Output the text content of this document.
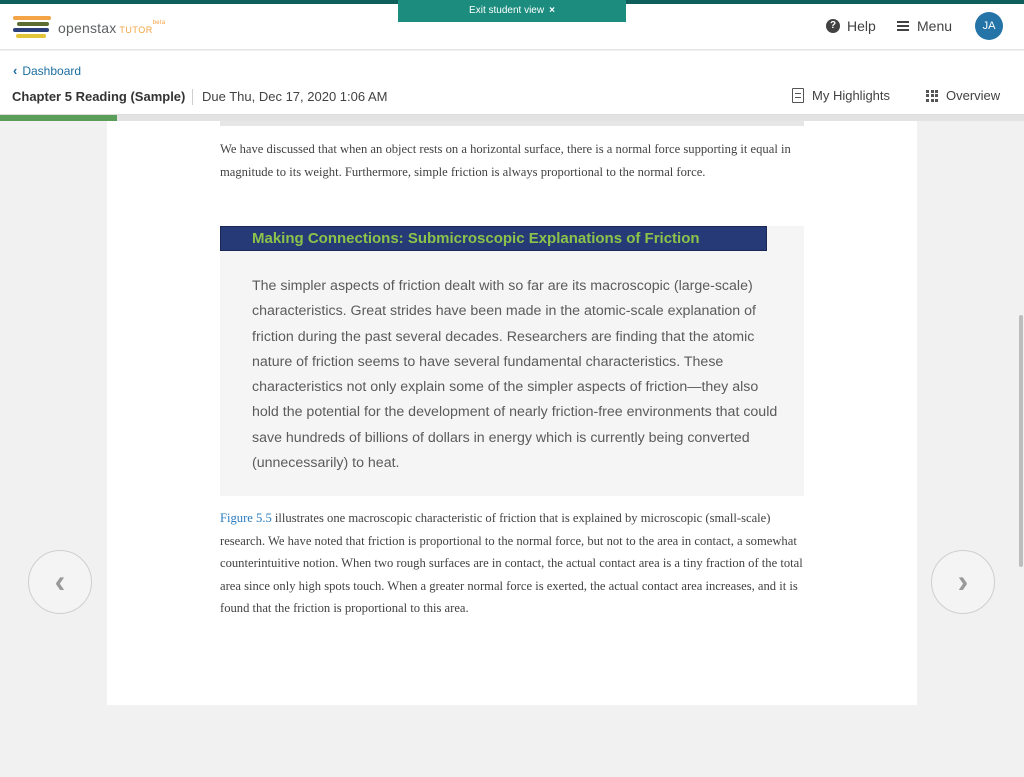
openstax $TUTOR^{beta}$	? Help	Menu	JA
Exit student view ×
‹ Dashboard
Chapter 5 Reading (Sample) Due Thu, Dec 17, 2020 1:06 AM	My Highlights	Overview

We have discussed that when an object rests on a horizontal surface, there is a normal force supporting it equal in magnitude to its weight. Furthermore, simple friction is always proportional to the normal force.

Making Connections: Submicroscopic Explanations of Friction

The simpler aspects of friction dealt with so far are its macroscopic (large-scale) characteristics. Great strides have been made in the atomic-scale explanation of friction during the past several decades. Researchers are finding that the atomic nature of friction seems to have several fundamental characteristics. These characteristics not only explain some of the simpler aspects of friction—they also hold the potential for the development of nearly friction-free environments that could save hundreds of billions of dollars in energy which is currently being converted (unnecessarily) to heat.

Figure 5.5 illustrates one macroscopic characteristic of friction that is explained by microscopic (small-scale) research. We have noted that friction is proportional to the normal force, but not to the area in contact, a somewhat counterintuitive notion. When two rough surfaces are in contact, the actual contact area is a tiny fraction of the total area since only high spots touch. When a greater normal force is exerted, the actual contact area increases, and it is found that the friction is proportional to this area.

‹	›
